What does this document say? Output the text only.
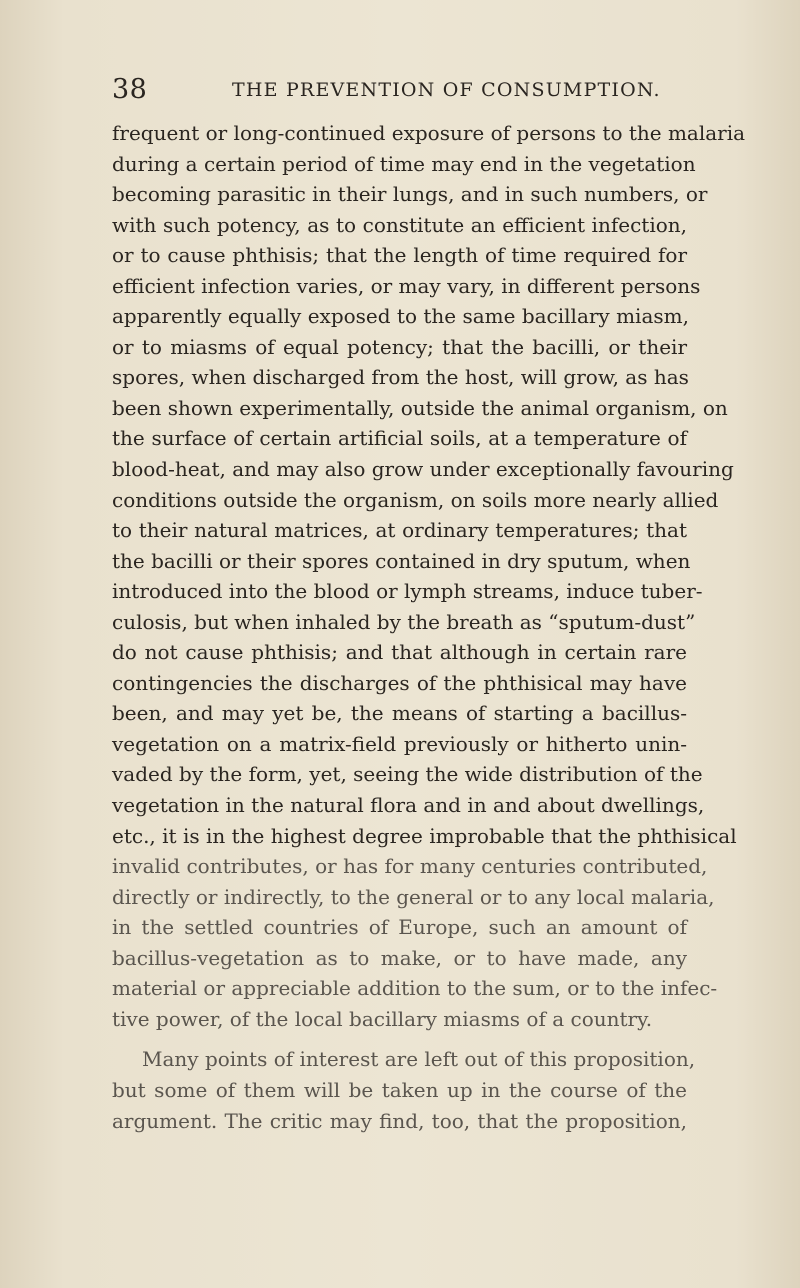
38	THE PREVENTION OF CONSUMPTION.
frequent or long-continued exposure of persons to the malaria
during a certain period of time may end in the vegetation
becoming parasitic in their lungs, and in such numbers, or
with such potency, as to constitute an efficient infection,
or to cause phthisis; that the length of time required for
efficient infection varies, or may vary, in different persons
apparently equally exposed to the same bacillary miasm,
or to miasms of equal potency; that the bacilli, or their
spores, when discharged from the host, will grow, as has
been shown experimentally, outside the animal organism, on
the surface of certain artificial soils, at a temperature of
blood-heat, and may also grow under exceptionally favouring
conditions outside the organism, on soils more nearly allied
to their natural matrices, at ordinary temperatures; that
the bacilli or their spores contained in dry sputum, when
introduced into the blood or lymph streams, induce tuber-
culosis, but when inhaled by the breath as “sputum-dust”
do not cause phthisis; and that although in certain rare
contingencies the discharges of the phthisical may have
been, and may yet be, the means of starting a bacillus-
vegetation on a matrix-field previously or hitherto unin-
vaded by the form, yet, seeing the wide distribution of the
vegetation in the natural flora and in and about dwellings,
etc., it is in the highest degree improbable that the phthisical
invalid contributes, or has for many centuries contributed,
directly or indirectly, to the general or to any local malaria,
in the settled countries of Europe, such an amount of
bacillus-vegetation as to make, or to have made, any
material or appreciable addition to the sum, or to the infec-
tive power, of the local bacillary miasms of a country.
Many points of interest are left out of this proposition,
but some of them will be taken up in the course of the
argument. The critic may find, too, that the proposition,
